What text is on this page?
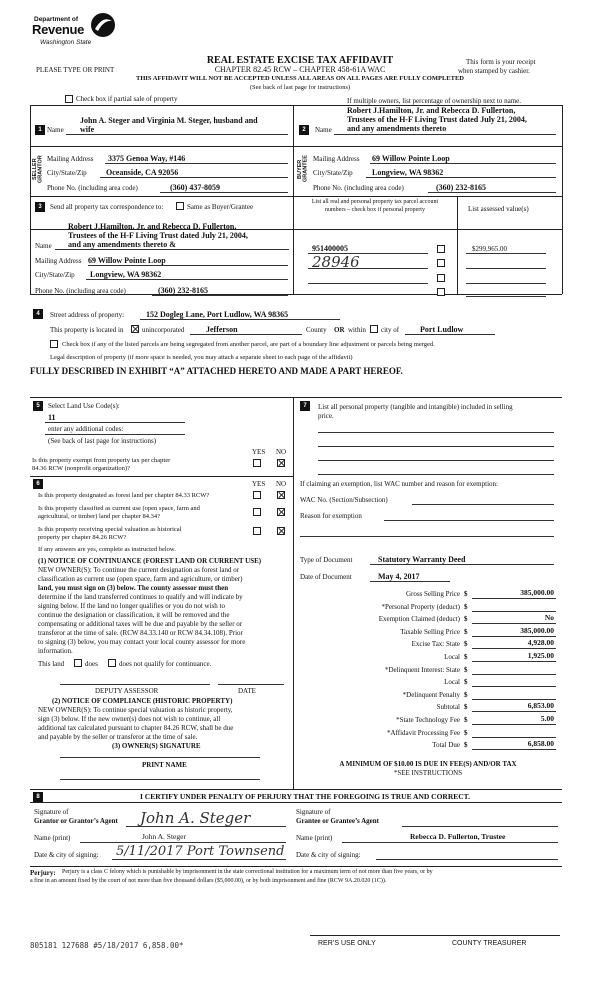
Department of
Revenue
Washington State
REAL ESTATE EXCISE TAX AFFIDAVIT
PLEASE TYPE OR PRINT	CHAPTER 82.45 RCW – CHAPTER 458-61A WAC
This form is your receipt
when stamped by cashier.
THIS AFFIDAVIT WILL NOT BE ACCEPTED UNLESS ALL AREAS ON ALL PAGES ARE FULLY COMPLETED
(See back of last page for instructions)
Check box if partial sale of property	If multiple owners, list percentage of ownership next to name.
1
SELLER GRANTOR
John A. Steger and Virginia M. Steger, husband and
Name wife
Mailing Address 3375 Genoa Way, #146
City/State/Zip Oceanside, CA 92056
Phone No. (including area code)	(360) 437-8059
2
BUYER GRANTEE
Robert J.Hamilton, Jr. and Rebecca D. Fullerton,
Trustees of the H-F Living Trust dated July 21, 2004,
Name and any amendments thereto
Mailing Address 69 Willow Pointe Loop
City/State/Zip Longview, WA 98362
Phone No. (including area code)	(360) 232-8165
3	Send all property tax correspondence to:	Same as Buyer/Grantee
List all real and personal property tax parcel account
numbers – check box if personal property	List assessed value(s)
Robert J.Hamilton, Jr. and Rebecca D. Fullerton,
Trustees of the H-F Living Trust dated July 21, 2004,
Name and any amendments thereto &
Mailing Address 69 Willow Pointe Loop
City/State/Zip Longview, WA 98362
Phone No. (including area code)	(360) 232-8165
951400005	$299,965.00
28946
4	Street address of property:	152 Dogleg Lane, Port Ludlow, WA 98365
This property is located in	unincorporated	Jefferson	County OR within city of	Port Ludlow
Check box if any of the listed parcels are being segregated from another parcel, are part of a boundary line adjustment or parcels being merged.
Legal description of property (if more space is needed, you may attach a separate sheet to each page of the affidavit)
FULLY DESCRIBED IN EXHIBIT “A” ATTACHED HERETO AND MADE A PART HEREOF.
5	Select Land Use Code(s):
11
enter any additional codes:
(See back of last page for instructions)
YES NO
Is this property exempt from property tax per chapter
84.36 RCW (nonprofit organization)?
6	YES NO
Is this property designated as forest land per chapter 84.33 RCW?
Is this property classified as current use (open space, farm and
agricultural, or timber) land per chapter 84.34?
Is this property receiving special valuation as historical
property per chapter 84.26 RCW?
If any answers are yes, complete as instructed below.
(1) NOTICE OF CONTINUANCE (FOREST LAND OR CURRENT USE)
NEW OWNER(S): To continue the current designation as forest land or
classification as current use (open space, farm and agriculture, or timber)
land, you must sign on (3) below. The county assessor must then
determine if the land transferred continues to qualify and will indicate by
signing below. If the land no longer qualifies or you do not wish to
continue the designation or classification, it will be removed and the
compensating or additional taxes will be due and payable by the seller or
transferor at the time of sale. (RCW 84.33.140 or RCW 84.34.108). Prior
to signing (3) below, you may contact your local county assessor for more
information.
This land	does	does not qualify for continuance.
DEPUTY ASSESSOR	DATE
(2) NOTICE OF COMPLIANCE (HISTORIC PROPERTY)
NEW OWNER(S): To continue special valuation as historic property,
sign (3) below. If the new owner(s) does not wish to continue, all
additional tax calculated pursuant to chapter 84.26 RCW, shall be due
and payable by the seller or transferor at the time of sale.
(3) OWNER(S) SIGNATURE
PRINT NAME
7	List all personal property (tangible and intangible) included in selling
price.
If claiming an exemption, list WAC number and reason for exemption:
WAC No. (Section/Subsection)
Reason for exemption
Type of Document	Statutory Warranty Deed
Date of Document	May 4, 2017
Gross Selling Price $	385,000.00
*Personal Property (deduct) $
Exemption Claimed (deduct) $	No
Taxable Selling Price $	385,000.00
Excise Tax: State $	4,928.00
Local $	1,925.00
*Delinquent Interest: State $
Local $
*Delinquent Penalty $
Subtotal $	6,853.00
*State Technology Fee $	5.00
*Affidavit Processing Fee $
Total Due $	6,858.00
A MINIMUM OF $10.00 IS DUE IN FEE(S) AND/OR TAX
*SEE INSTRUCTIONS
8	I CERTIFY UNDER PENALTY OF PERJURY THAT THE FOREGOING IS TRUE AND CORRECT.
Signature of
Grantor or Grantor’s Agent John A. Steger	Signature of
Grantee or Grantee’s Agent
Name (print)	John A. Steger	Name (print)	Rebecca D. Fullerton, Trustee
Date & city of signing: 5/11/2017 Port Townsend Date & city of signing:
Perjury: Perjury is a class C felony which is punishable by imprisonment in the state correctional institution for a maximum term of not more than five years, or by
a fine in an amount fixed by the court of not more than five thousand dollars ($5,000.00), or by both imprisonment and fine (RCW 9A.20.020 (1C)).
805181 127688 #5/18/2017 6,858.00*	RER’S USE ONLY	COUNTY TREASURER
